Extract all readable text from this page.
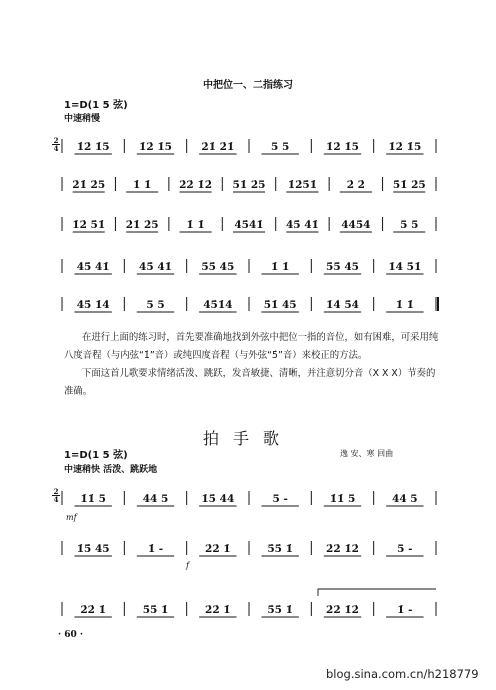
中把位一、二指练习
1=D(1 5 弦)
中速稍慢
2
4 1̇2̇ 1̇5	1̇2̇ 1̇5	2̇1̇ 2̇1̇	5 5	1̇2̇ 1̇5	1̇2̇ 1̇5
2̇1̇ 2̇5	1̇ 1̇	2̇2̇ 1̇2̇ 5̇1̇ 2̇5 1̇2̇5̇1̇	2̇ 2̇	5̇1̇ 2̇5
1̇2̇ 5̇1̇ 2̇1̇ 2̇5	1̇ 1̇	4̇5̇4̇1̇ 4̇5̇ 4̇1̇ 4̇4̇5̇4̇	5 5
4̇5̇ 4̇1̇	4̇5̇ 4̇1̇	5̇5̇ 4̇5	1̇ 1̇	5̇5̇ 4̇5	1̇4̇ 5̇1̇
4̇5̇ 1̇4̇	5 5	4̇5̇1̇4̇	5̇1̇ 4̇5	1̇4̇ 5̇4̇	1̇ 1̇
1̇1̇ 5	4̇4̇ 5	1̇5̇ 4̇4̇	5 -	1̇1̇ 5	4̇4̇ 5
1̇5̇ 4̇5	1̇ -	2̇2̇ 1̇	5̇5̇ 1̇	2̇2̇ 1̇2̇	5 -
2̇2̇ 1̇	5̇5̇ 1̇	2̇2̇ 1̇	5̇5̇ 1̇	2̇2̇ 1̇2̇	1̇ -
mf
f
在进行上面的练习时，首先要准确地找到外弦中把位一指的音位，如有困难，可采用纯八度音程（与内弦“1̇”音）或纯四度音程（与外弦“5̇”音）来校正的方法。
下面这首儿歌要求情绪活泼、跳跃，发音敏捷、清晰，并注意切分音（X X X）节奏的准确。
拍手歌
逸 安、寒 回曲
1=D(1 5 弦)
中速稍快 活泼、跳跃地
2
4
· 60 ·
blog.sina.com.cn/h218779
